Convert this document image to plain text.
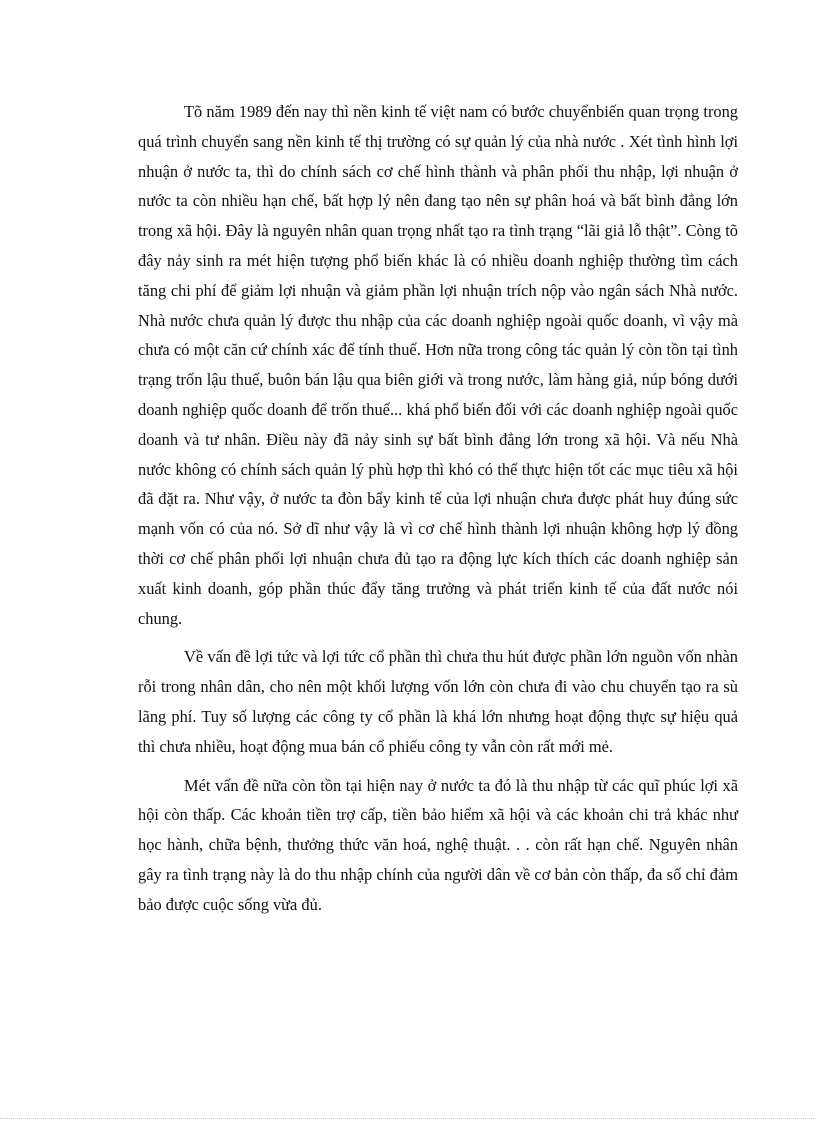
Tõ năm 1989 đến nay thì nền kinh tế việt nam có bước chuyểnbiến quan trọng trong quá trình chuyển sang nền kinh tế thị trường có sự quản lý của nhà nước . Xét tình hình lợi nhuận ở nước ta, thì do chính sách cơ chế hình thành và phân phối thu nhập, lợi nhuận ở nước ta còn nhiều hạn chế, bất hợp lý nên đang tạo nên sự phân hoá và bất bình đẳng lớn trong xã hội. Đây là nguyên nhân quan trọng nhất tạo ra tình trạng “lãi giả lỗ thật”. Còng tõ đây nảy sinh ra mét hiện tượng phổ biến khác là có nhiều doanh nghiệp thường tìm cách tăng chi phí để giảm lợi nhuận và giảm phần lợi nhuận trích nộp vào ngân sách Nhà nước. Nhà nước chưa quản lý được thu nhập của các doanh nghiệp ngoài quốc doanh, vì vậy mà chưa có một căn cứ chính xác để tính thuế. Hơn nữa trong công tác quản lý còn tồn tại tình trạng trốn lậu thuế, buôn bán lậu qua biên giới và trong nước, làm hàng giả, núp bóng dưới doanh nghiệp quốc doanh để trốn thuế... khá phổ biến đối với các doanh nghiệp ngoài quốc doanh và tư nhân. Điều này đã nảy sinh sự bất bình đẳng lớn trong xã hội. Và nếu Nhà nước không có chính sách quản lý phù hợp thì khó có thể thực hiện tốt các mục tiêu xã hội đã đặt ra. Như vậy, ở nước ta đòn bẩy kinh tế của lợi nhuận chưa được phát huy đúng sức mạnh vốn có của nó. Sở dĩ như vậy là vì cơ chế hình thành lợi nhuận không hợp lý đồng thời cơ chế phân phối lợi nhuận chưa đủ tạo ra động lực kích thích các doanh nghiệp sản xuất kinh doanh, góp phần thúc đẩy tăng trưởng và phát triển kinh tế của đất nước nói chung.

Về vấn đề lợi tức và lợi tức cổ phần thì chưa thu hút được phần lớn nguồn vốn nhàn rỗi trong nhân dân, cho nên một khối lượng vốn lớn còn chưa đi vào chu chuyển tạo ra sù lãng phí. Tuy số lượng các công ty cổ phần là khá lớn nhưng hoạt động thực sự hiệu quả thì chưa nhiều, hoạt động mua bán cổ phiếu công ty vẫn còn rất mới mẻ.

Mét vấn đề nữa còn tồn tại hiện nay ở nước ta đó là thu nhập từ các quĩ phúc lợi xã hội còn thấp. Các khoản tiền trợ cấp, tiền bảo hiểm xã hội và các khoản chi trả khác như học hành, chữa bệnh, thưởng thức văn hoá, nghệ thuật. . . còn rất hạn chế. Nguyên nhân gây ra tình trạng này là do thu nhập chính của người dân về cơ bản còn thấp, đa số chỉ đảm bảo được cuộc sống vừa đủ.
